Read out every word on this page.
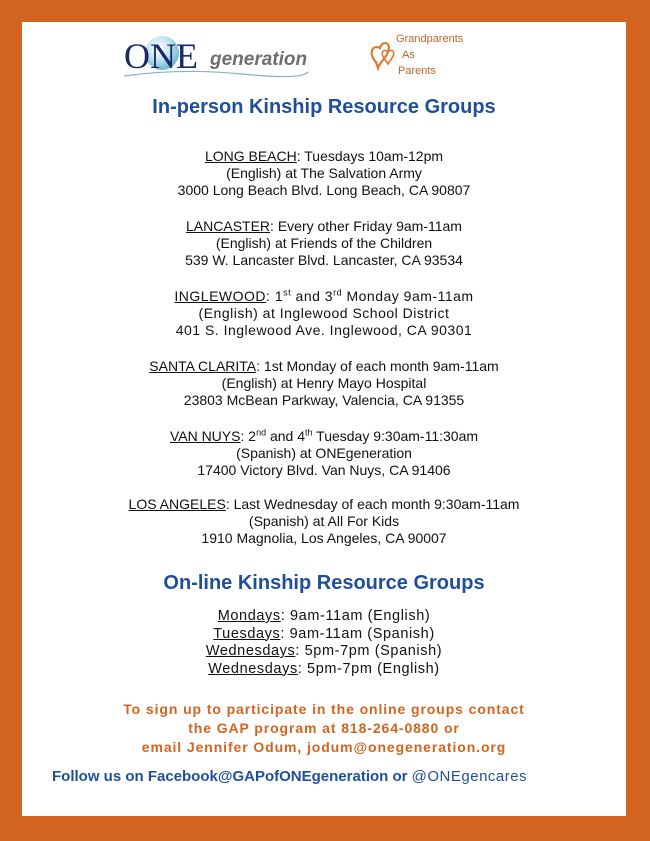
ONE generation
Grandparents
As
Parents
In-person Kinship Resource Groups
LONG BEACH: Tuesdays 10am-12pm
(English) at The Salvation Army
3000 Long Beach Blvd. Long Beach, CA 90807
LANCASTER: Every other Friday 9am-11am
(English) at Friends of the Children
539 W. Lancaster Blvd. Lancaster, CA 93534
INGLEWOOD: 1st and 3rd Monday 9am-11am
(English) at Inglewood School District
401 S. Inglewood Ave. Inglewood, CA 90301
SANTA CLARITA: 1st Monday of each month 9am-11am
(English) at Henry Mayo Hospital
23803 McBean Parkway, Valencia, CA 91355
VAN NUYS: 2nd and 4th Tuesday 9:30am-11:30am
(Spanish) at ONEgeneration
17400 Victory Blvd. Van Nuys, CA 91406
LOS ANGELES: Last Wednesday of each month 9:30am-11am
(Spanish) at All For Kids
1910 Magnolia, Los Angeles, CA 90007
On-line Kinship Resource Groups
Mondays: 9am-11am (English)
Tuesdays: 9am-11am (Spanish)
Wednesdays: 5pm-7pm (Spanish)
Wednesdays: 5pm-7pm (English)
To sign up to participate in the online groups contact
the GAP program at 818-264-0880 or
email Jennifer Odum, jodum@onegeneration.org
Follow us on Facebook@GAPofONEgeneration or @ONEgencares
